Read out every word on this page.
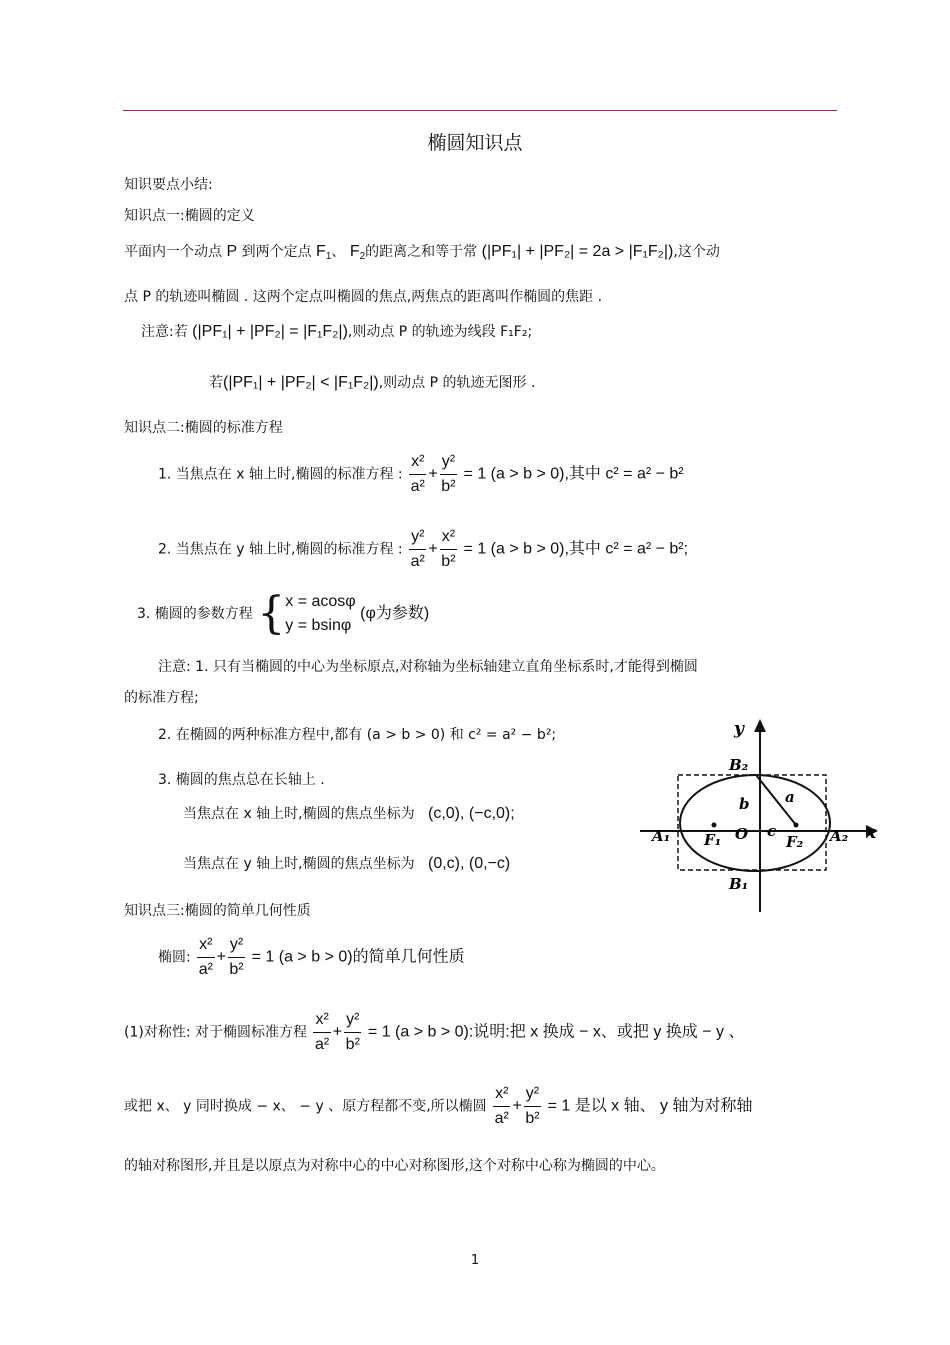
椭圆知识点
知识要点小结:
知识点一:椭圆的定义
平面内一个动点 P 到两个定点 $F_1$、 $F_2$的距离之和等于常 (|PF₁| + |PF₂| = 2a > |F₁F₂|),这个动
点 P 的轨迹叫椭圆 . 这两个定点叫椭圆的焦点,两焦点的距离叫作椭圆的焦距 .
注意:若 (|PF₁| + |PF₂| = |F₁F₂|),则动点 P 的轨迹为线段 F₁F₂;
若(|PF₁| + |PF₂| < |F₁F₂|),则动点 P 的轨迹无图形 .
知识点二:椭圆的标准方程
1. 当焦点在 x 轴上时,椭圆的标准方程 : $\frac{\text{x²}}{\text{a²}} + \frac{\text{y²}}{\text{b²}} = 1$ (a > b > 0),其中 c² = a² − b²
2. 当焦点在 y 轴上时,椭圆的标准方程 : $\frac{\text{y²}}{\text{a²}} + \frac{\text{x²}}{\text{b²}} = 1$ (a > b > 0),其中 c² = a² − b²;
3. 椭圆的参数方程 {x = acosφ
y = bsinφ (φ为参数)
注意: 1. 只有当椭圆的中心为坐标原点,对称轴为坐标轴建立直角坐标系时,才能得到椭圆
的标准方程;
2. 在椭圆的两种标准方程中,都有 (a > b > 0) 和 c² = a² − b²;
3. 椭圆的焦点总在长轴上 .
当焦点在 x 轴上时,椭圆的焦点坐标为 (c,0), (−c,0);
当焦点在 y 轴上时,椭圆的焦点坐标为 (0,c), (0,−c)
y
x
B₂
B₁
A₁	A₂
F₁	F₂
O
b a
c
知识点三:椭圆的简单几何性质
椭圆: $\frac{\text{x²}}{\text{a²}} + \frac{\text{y²}}{\text{b²}} = 1$ (a > b > 0)的简单几何性质
(1)对称性: 对于椭圆标准方程 $\frac{\text{x²}}{\text{a²}} + \frac{\text{y²}}{\text{b²}} = 1$ (a > b > 0):说明:把 x 换成 − x、或把 y 换成 − y 、
或把 x、 y 同时换成 − x、 − y 、原方程都不变,所以椭圆 $\frac{\text{x²}}{\text{a²}} + \frac{\text{y²}}{\text{b²}} = 1$ 是以 x 轴、 y 轴为对称轴
的轴对称图形,并且是以原点为对称中心的中心对称图形,这个对称中心称为椭圆的中心。
1
